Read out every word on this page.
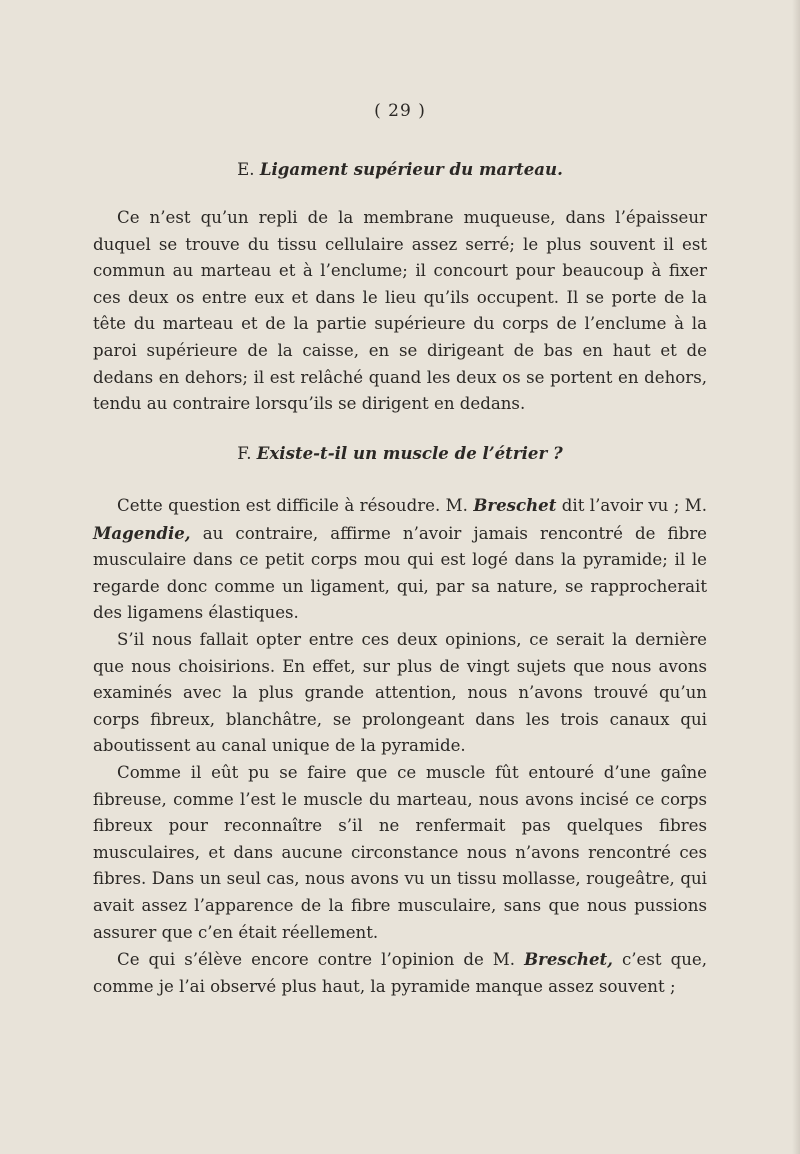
( 29 )

E. Ligament supérieur du marteau.

Ce n’est qu’un repli de la membrane muqueuse, dans l’épaisseur duquel se trouve du tissu cellulaire assez serré; le plus souvent il est commun au marteau et à l’enclume; il concourt pour beaucoup à fixer ces deux os entre eux et dans le lieu qu’ils occupent. Il se porte de la tête du marteau et de la partie supérieure du corps de l’enclume à la paroi supérieure de la caisse, en se dirigeant de bas en haut et de dedans en dehors; il est relâché quand les deux os se portent en dehors, tendu au contraire lorsqu’ils se dirigent en dedans.

F. Existe-t-il un muscle de l’étrier ?

Cette question est difficile à résoudre. M. Breschet dit l’avoir vu ; M. Magendie, au contraire, affirme n’avoir jamais rencontré de fibre musculaire dans ce petit corps mou qui est logé dans la pyramide; il le regarde donc comme un ligament, qui, par sa nature, se rapprocherait des ligamens élastiques.

S’il nous fallait opter entre ces deux opinions, ce serait la dernière que nous choisirions. En effet, sur plus de vingt sujets que nous avons examinés avec la plus grande attention, nous n’avons trouvé qu’un corps fibreux, blanchâtre, se prolongeant dans les trois canaux qui aboutissent au canal unique de la pyramide.

Comme il eût pu se faire que ce muscle fût entouré d’une gaîne fibreuse, comme l’est le muscle du marteau, nous avons incisé ce corps fibreux pour reconnaître s’il ne renfermait pas quelques fibres musculaires, et dans aucune circonstance nous n’avons rencontré ces fibres. Dans un seul cas, nous avons vu un tissu mollasse, rougeâtre, qui avait assez l’apparence de la fibre musculaire, sans que nous pussions assurer que c’en était réellement.

Ce qui s’élève encore contre l’opinion de M. Breschet, c’est que, comme je l’ai observé plus haut, la pyramide manque assez souvent ;
